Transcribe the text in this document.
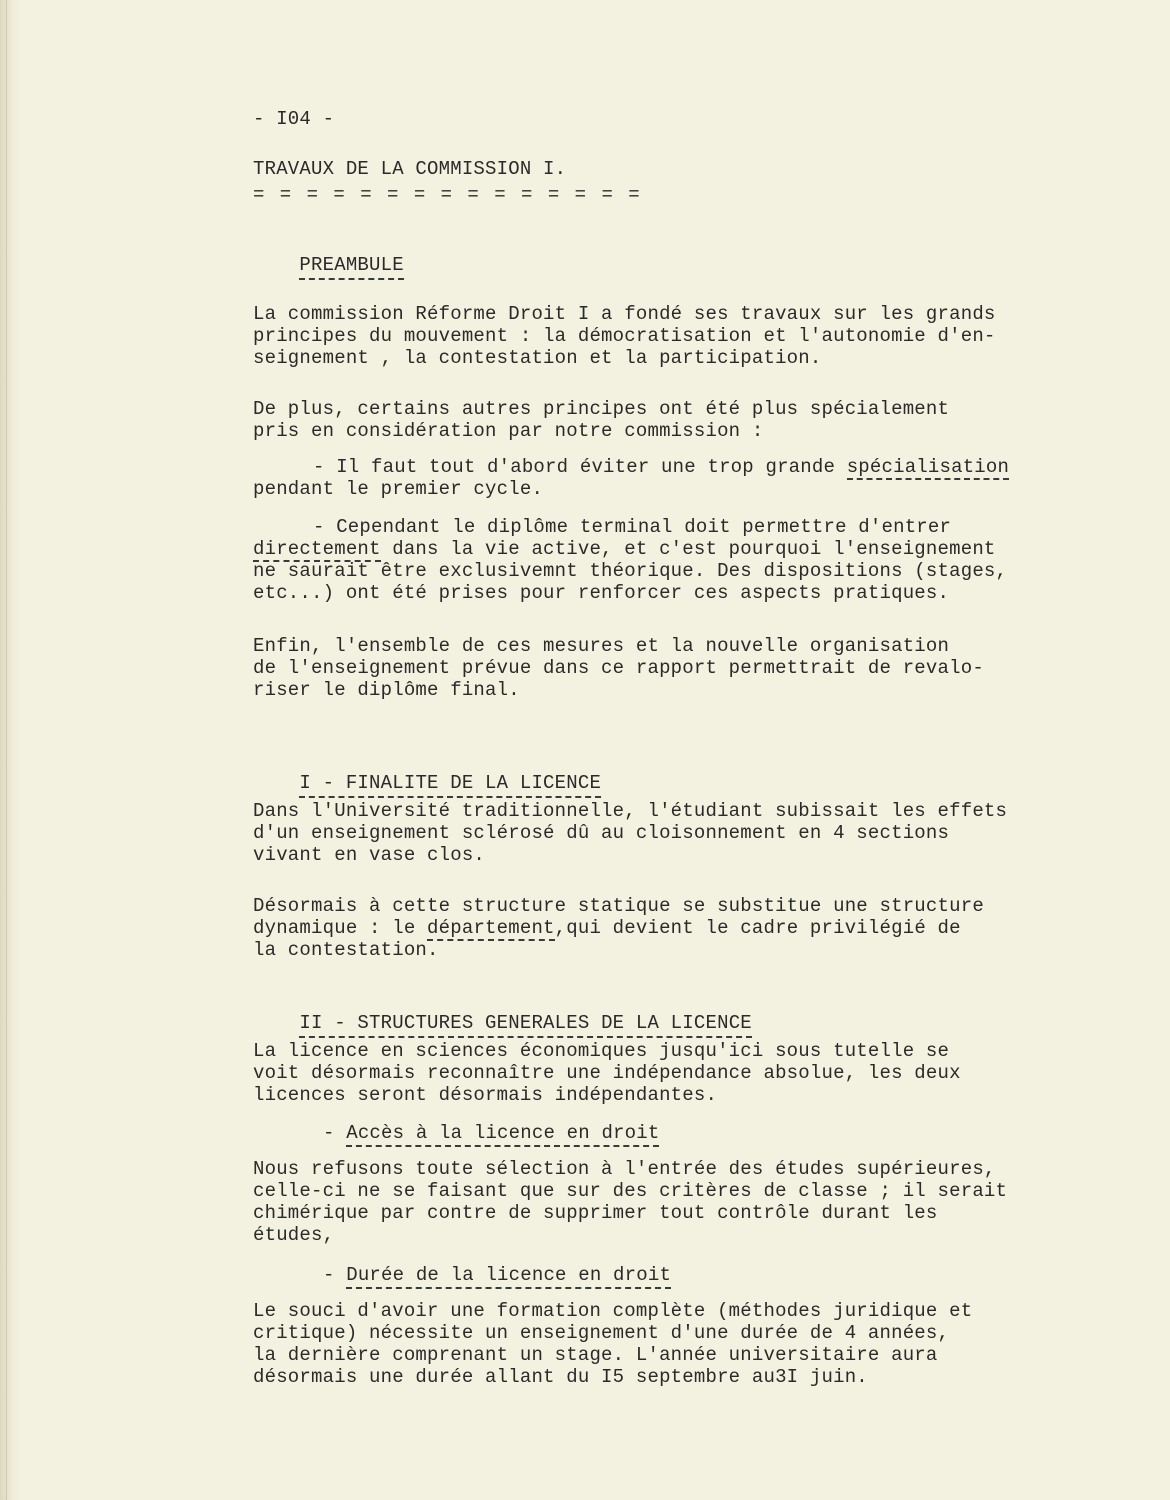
- I04 -
TRAVAUX DE LA COMMISSION I.
= = = = = = = = = = = = = = =

PREAMBULE

La commission Réforme Droit I a fondé ses travaux sur les grands
principes du mouvement : la démocratisation et l'autonomie d'en-
seignement , la contestation et la participation.
De plus, certains autres principes ont été plus spécialement
pris en considération par notre commission :
- Il faut tout d'abord éviter une trop grande spécialisation
pendant le premier cycle.
- Cependant le diplôme terminal doit permettre d'entrer
directement dans la vie active, et c'est pourquoi l'enseignement
ne saurait être exclusivemnt théorique. Des dispositions (stages,
etc...) ont été prises pour renforcer ces aspects pratiques.
Enfin, l'ensemble de ces mesures et la nouvelle organisation
de l'enseignement prévue dans ce rapport permettrait de revalo-
riser le diplôme final.

I - FINALITE DE LA LICENCE

Dans l'Université traditionnelle, l'étudiant subissait les effets
d'un enseignement sclérosé dû au cloisonnement en 4 sections
vivant en vase clos.
Désormais à cette structure statique se substitue une structure
dynamique : le département,qui devient le cadre privilégié de
la contestation.

II - STRUCTURES GENERALES DE LA LICENCE

La licence en sciences économiques jusqu'ici sous tutelle se
voit désormais reconnaître une indépendance absolue, les deux
licences seront désormais indépendantes.
- Accès à la licence en droit
Nous refusons toute sélection à l'entrée des études supérieures,
celle-ci ne se faisant que sur des critères de classe ; il serait
chimérique par contre de supprimer tout contrôle durant les
études,
- Durée de la licence en droit
Le souci d'avoir une formation complète (méthodes juridique et
critique) nécessite un enseignement d'une durée de 4 années,
la dernière comprenant un stage. L'année universitaire aura
désormais une durée allant du I5 septembre au3I juin.
